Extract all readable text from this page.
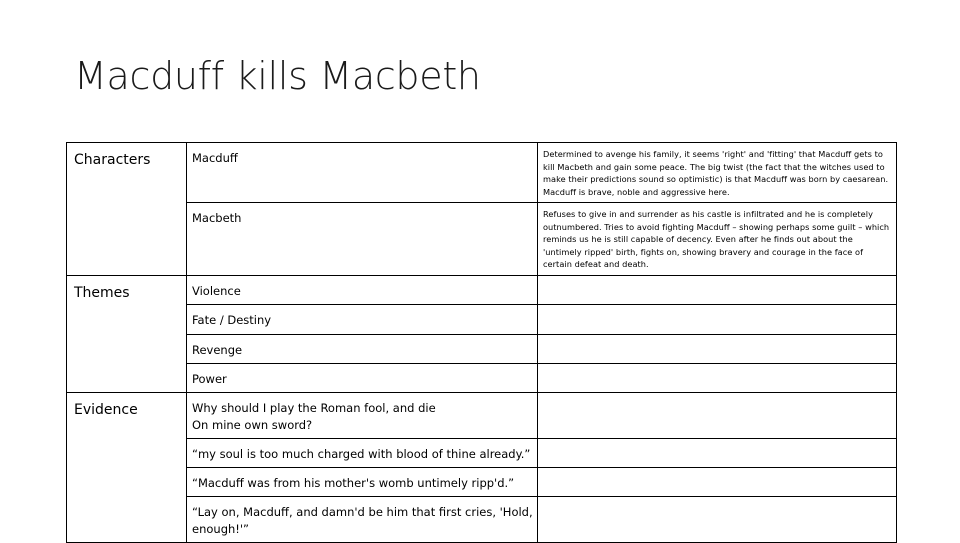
Macduff kills Macbeth
Characters	Macduff	Determined to avenge his family, it seems 'right' and 'fitting' that Macduff gets to kill Macbeth and gain some peace. The big twist (the fact that the witches used to make their predictions sound so optimistic) is that Macduff was born by caesarean. Macduff is brave, noble and aggressive here.

	Macbeth	Refuses to give in and surrender as his castle is infiltrated and he is completely outnumbered. Tries to avoid fighting Macduff – showing perhaps some guilt – which reminds us he is still capable of decency. Even after he finds out about the 'untimely ripped' birth, fights on, showing bravery and courage in the face of certain defeat and death.

Themes	Violence	

	Fate / Destiny	

	Revenge	

	Power	

Evidence	Why should I play the Roman fool, and die
On mine own sword?	

	“my soul is too much charged with blood of thine already.”	

	“Macduff was from his mother's womb untimely ripp'd.”	

	“Lay on, Macduff, and damn'd be him that first cries, 'Hold, enough!'”	
